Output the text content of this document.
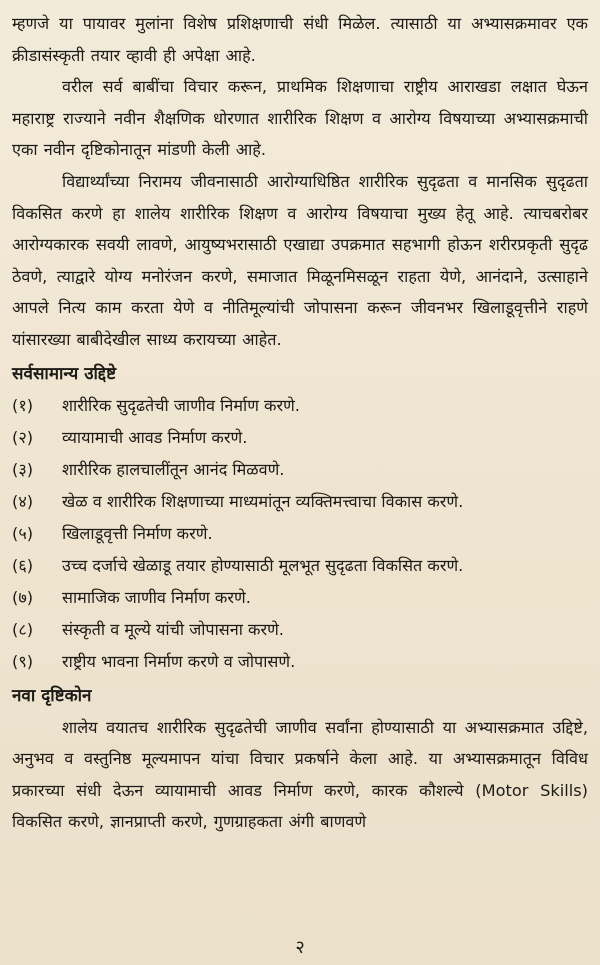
म्हणजे या पायावर मुलांना विशेष प्रशिक्षणाची संधी मिळेल. त्यासाठी या अभ्यासक्रमावर एक क्रीडासंस्कृती तयार व्हावी ही अपेक्षा आहे.

वरील सर्व बाबींचा विचार करून, प्राथमिक शिक्षणाचा राष्ट्रीय आराखडा लक्षात घेऊन महाराष्ट्र राज्याने नवीन शैक्षणिक धोरणात शारीरिक शिक्षण व आरोग्य विषयाच्या अभ्यासक्रमाची एका नवीन दृष्टिकोनातून मांडणी केली आहे.

विद्यार्थ्यांच्या निरामय जीवनासाठी आरोग्याधिष्ठित शारीरिक सुदृढता व मानसिक सुदृढता विकसित करणे हा शालेय शारीरिक शिक्षण व आरोग्य विषयाचा मुख्य हेतू आहे. त्याचबरोबर आरोग्यकारक सवयी लावणे, आयुष्यभरासाठी एखाद्या उपक्रमात सहभागी होऊन शरीरप्रकृती सुदृढ ठेवणे, त्याद्वारे योग्य मनोरंजन करणे, समाजात मिळूनमिसळून राहता येणे, आनंदाने, उत्साहाने आपले नित्य काम करता येणे व नीतिमूल्यांची जोपासना करून जीवनभर खिलाडूवृत्तीने राहणे यांसारख्या बाबीदेखील साध्य करायच्या आहेत.

सर्वसामान्य उद्दिष्टे
(१)	शारीरिक सुदृढतेची जाणीव निर्माण करणे.
(२)	व्यायामाची आवड निर्माण करणे.
(३)	शारीरिक हालचालींतून आनंद मिळवणे.
(४)	खेळ व शारीरिक शिक्षणाच्या माध्यमांतून व्यक्तिमत्त्वाचा विकास करणे.
(५)	खिलाडूवृत्ती निर्माण करणे.
(६)	उच्च दर्जाचे खेळाडू तयार होण्यासाठी मूलभूत सुदृढता विकसित करणे.
(७)	सामाजिक जाणीव निर्माण करणे.
(८)	संस्कृती व मूल्ये यांची जोपासना करणे.
(९)	राष्ट्रीय भावना निर्माण करणे व जोपासणे.
नवा दृष्टिकोन

शालेय वयातच शारीरिक सुदृढतेची जाणीव सर्वांना होण्यासाठी या अभ्यासक्रमात उद्दिष्टे, अनुभव व वस्तुनिष्ठ मूल्यमापन यांचा विचार प्रकर्षाने केला आहे. या अभ्यासक्रमातून विविध प्रकारच्या संधी देऊन व्यायामाची आवड निर्माण करणे, कारक कौशल्ये (Motor Skills) विकसित करणे, ज्ञानप्राप्ती करणे, गुणग्राहकता अंगी बाणवणे

२
